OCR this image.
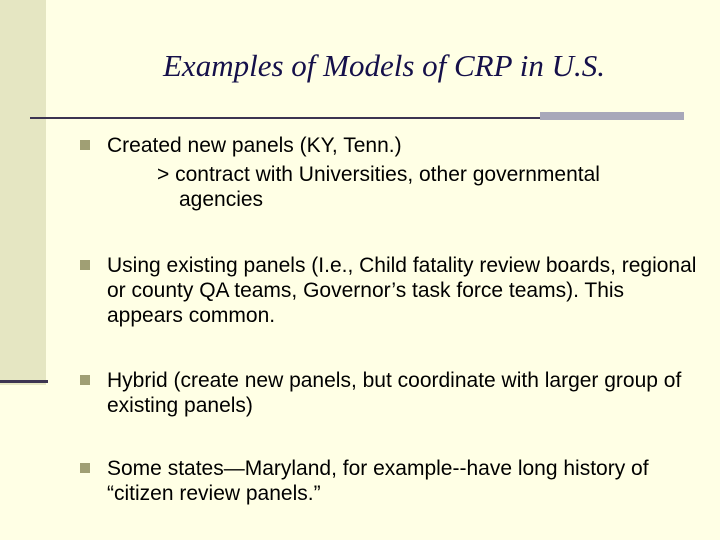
Examples of Models of CRP in U.S.
Created new panels (KY, Tenn.)
> contract with Universities, other governmental
agencies
Using existing panels (I.e., Child fatality review boards, regional or county QA teams, Governor’s task force teams). This appears common.
Hybrid (create new panels, but coordinate with larger group of existing panels)
Some states—Maryland, for example--have long history of “citizen review panels.”
